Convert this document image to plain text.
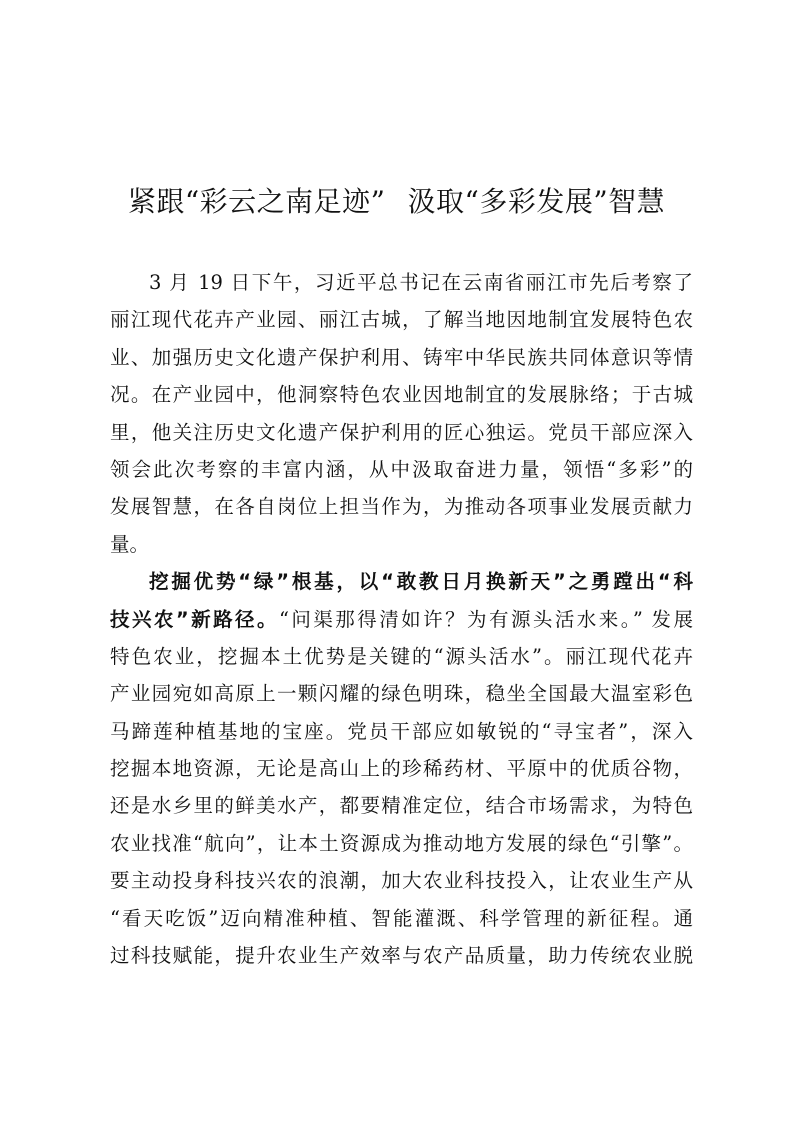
紧跟“彩云之南足迹” 汲取“多彩发展”智慧
3 月 19 日下午，习近平总书记在云南省丽江市先后考察了
丽江现代花卉产业园、丽江古城，了解当地因地制宜发展特色农
业、加强历史文化遗产保护利用、铸牢中华民族共同体意识等情
况。在产业园中，他洞察特色农业因地制宜的发展脉络；于古城
里，他关注历史文化遗产保护利用的匠心独运。党员干部应深入
领会此次考察的丰富内涵，从中汲取奋进力量，领悟“多彩”的
发展智慧，在各自岗位上担当作为，为推动各项事业发展贡献力
量。
挖掘优势“绿”根基，以“敢教日月换新天”之勇蹚出“科
技兴农”新路径。“问渠那得清如许？为有源头活水来。” 发展
特色农业，挖掘本土优势是关键的“源头活水”。丽江现代花卉
产业园宛如高原上一颗闪耀的绿色明珠，稳坐全国最大温室彩色
马蹄莲种植基地的宝座。党员干部应如敏锐的“寻宝者”，深入
挖掘本地资源，无论是高山上的珍稀药材、平原中的优质谷物，
还是水乡里的鲜美水产，都要精准定位，结合市场需求，为特色
农业找准“航向”，让本土资源成为推动地方发展的绿色“引擎”。
要主动投身科技兴农的浪潮，加大农业科技投入，让农业生产从
“看天吃饭”迈向精准种植、智能灌溉、科学管理的新征程。通
过科技赋能，提升农业生产效率与农产品质量，助力传统农业脱
